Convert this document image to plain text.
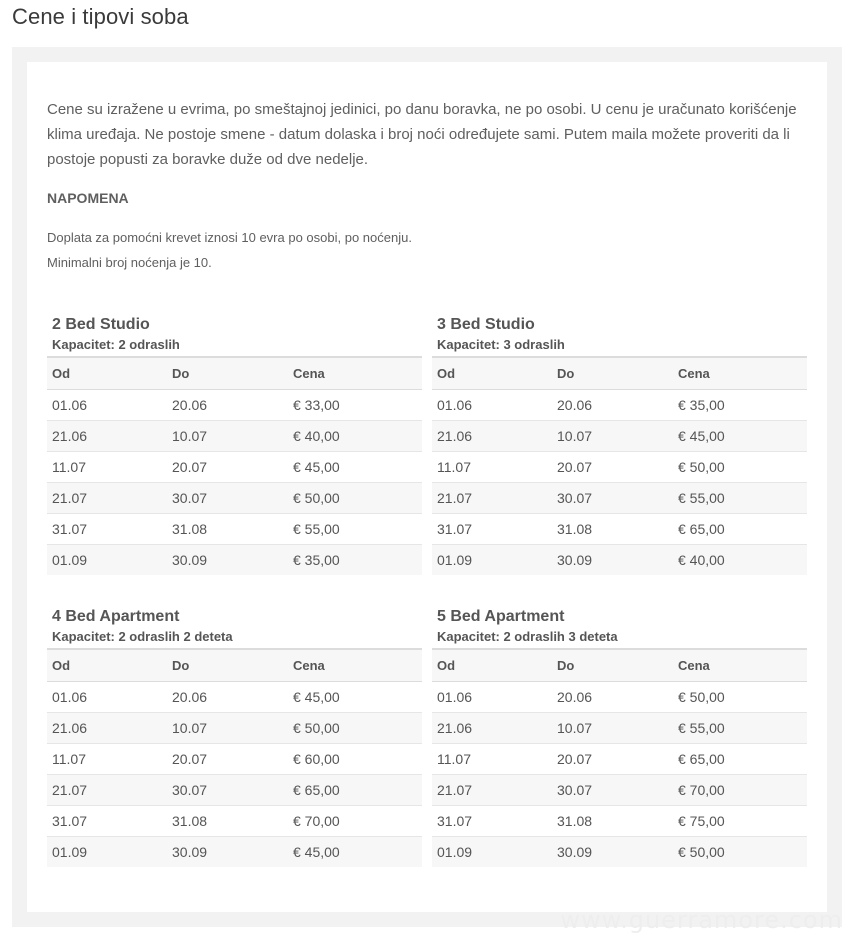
Cene i tipovi soba

Cene su izražene u evrima, po smeštajnoj jedinici, po danu boravka, ne po osobi. U cenu je uračunato korišćenje klima uređaja. Ne postoje smene - datum dolaska i broj noći određujete sami. Putem maila možete proveriti da li postoje popusti za boravke duže od dve nedelje.

NAPOMENA

Doplata za pomoćni krevet iznosi 10 evra po osobi, po noćenju.
Minimalni broj noćenja je 10.
2 Bed Studio
Kapacitet: 2 odraslih
Od	Do	Cena
01.06	20.06	€ 33,00
21.06	10.07	€ 40,00
11.07	20.07	€ 45,00
21.07	30.07	€ 50,00
31.07	31.08	€ 55,00
01.09	30.09	€ 35,00
3 Bed Studio
Kapacitet: 3 odraslih
Od	Do	Cena
01.06	20.06	€ 35,00
21.06	10.07	€ 45,00
11.07	20.07	€ 50,00
21.07	30.07	€ 55,00
31.07	31.08	€ 65,00
01.09	30.09	€ 40,00
4 Bed Apartment
Kapacitet: 2 odraslih 2 deteta
Od	Do	Cena
01.06	20.06	€ 45,00
21.06	10.07	€ 50,00
11.07	20.07	€ 60,00
21.07	30.07	€ 65,00
31.07	31.08	€ 70,00
01.09	30.09	€ 45,00
5 Bed Apartment
Kapacitet: 2 odraslih 3 deteta
Od	Do	Cena
01.06	20.06	€ 50,00
21.06	10.07	€ 55,00
11.07	20.07	€ 65,00
21.07	30.07	€ 70,00
31.07	31.08	€ 75,00
01.09	30.09	€ 50,00
www.guerramore.com
